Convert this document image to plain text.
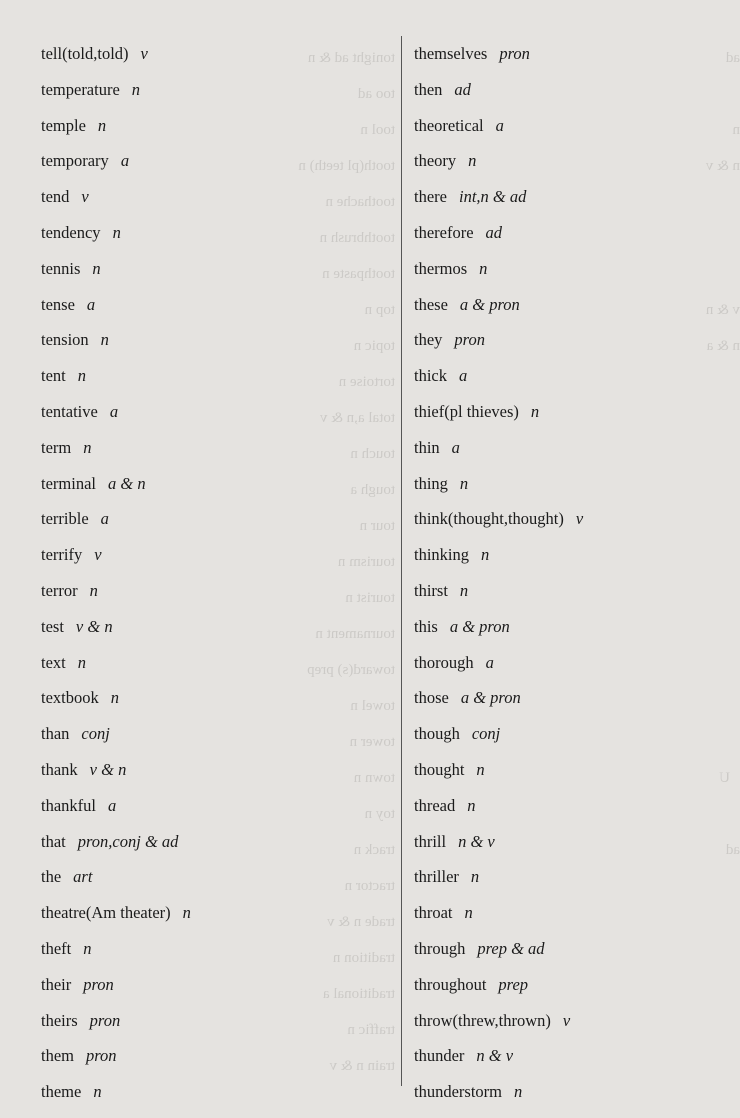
tonight ad & n
too ad
tool n
tooth(pl teeth) n
toothache n
toothbrush n
toothpaste n
top n
topic n
tortoise n
total a,n & v
touch n
tough a
tour n
tourism n
tourist n
tournament n
toward(s) prep
towel n
tower n
town n
toy n
track n
tractor n
trade n & v
tradition n
traditional a
traffic n
train n & v
ad
n
n & v
v & n
n & a
U
ad
tell(told,told) v
temperature n
temple n
temporary a
tend v
tendency n
tennis n
tense a
tension n
tent n
tentative a
term n
terminal a & n
terrible a
terrify v
terror n
test v & n
text n
textbook n
than conj
thank v & n
thankful a
that pron,conj & ad
the art
theatre(Am theater) n
theft n
their pron
theirs pron
them pron
theme n
themselves pron
then ad
theoretical a
theory n
there int,n & ad
therefore ad
thermos n
these a & pron
they pron
thick a
thief(pl thieves) n
thin a
thing n
think(thought,thought) v
thinking n
thirst n
this a & pron
thorough a
those a & pron
though conj
thought n
thread n
thrill n & v
thriller n
throat n
through prep & ad
throughout prep
throw(threw,thrown) v
thunder n & v
thunderstorm n
